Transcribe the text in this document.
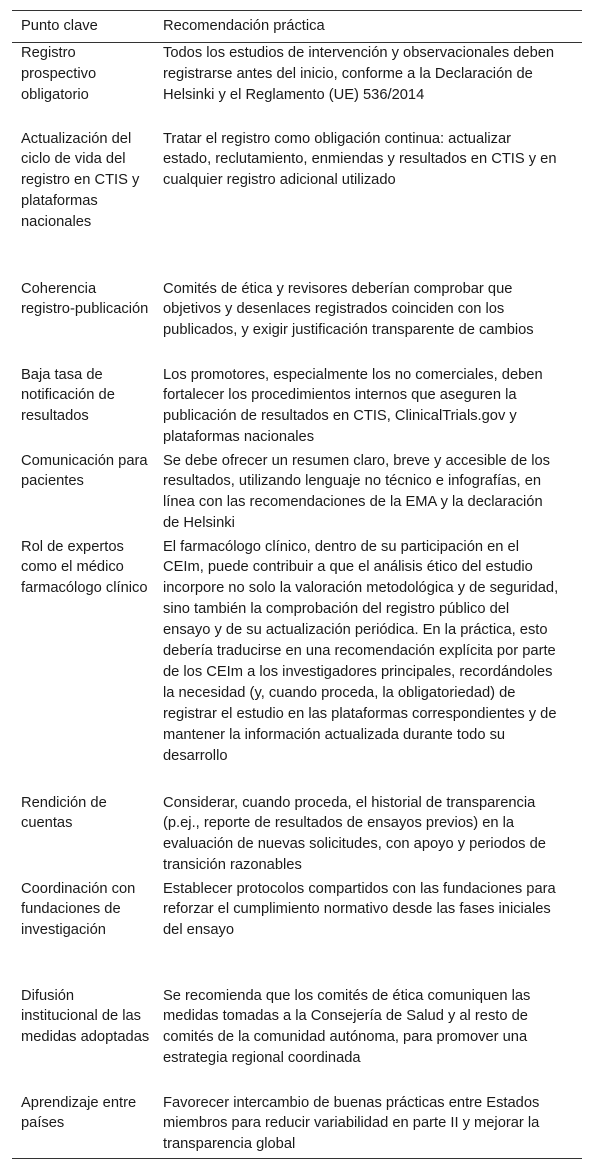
Punto clave	Recomendación práctica
Registro prospectivo obligatorio	Todos los estudios de intervención y observacionales deben registrarse antes del inicio, conforme a la Declaración de Helsinki y el Reglamento (UE) 536/2014
Actualización del ciclo de vida del registro en CTIS y plataformas nacionales	Tratar el registro como obligación continua: actualizar estado, reclutamiento, enmiendas y resultados en CTIS y en cualquier registro adicional utilizado
Coherencia registro-publicación	Comités de ética y revisores deberían comprobar que objetivos y desenlaces registrados coinciden con los publicados, y exigir justificación transparente de cambios
Baja tasa de notificación de resultados	Los promotores, especialmente los no comerciales, deben fortalecer los procedimientos internos que aseguren la publicación de resultados en CTIS, ClinicalTrials.gov y plataformas nacionales
Comunicación para pacientes	Se debe ofrecer un resumen claro, breve y accesible de los resultados, utilizando lenguaje no técnico e infografías, en línea con las recomendaciones de la EMA y la declaración de Helsinki
Rol de expertos como el médico farmacólogo clínico	El farmacólogo clínico, dentro de su participación en el CEIm, puede contribuir a que el análisis ético del estudio incorpore no solo la valoración metodológica y de seguridad, sino también la comprobación del registro público del ensayo y de su actualización periódica. En la práctica, esto debería traducirse en una recomendación explícita por parte de los CEIm a los investigadores principales, recordándoles la necesidad (y, cuando proceda, la obligatoriedad) de registrar el estudio en las plataformas correspondientes y de mantener la información actualizada durante todo su desarrollo
Rendición de cuentas	Considerar, cuando proceda, el historial de transparencia (p.ej., reporte de resultados de ensayos previos) en la evaluación de nuevas solicitudes, con apoyo y periodos de transición razonables
Coordinación con fundaciones de investigación	Establecer protocolos compartidos con las fundaciones para reforzar el cumplimiento normativo desde las fases iniciales del ensayo
Difusión institucional de las medidas adoptadas	Se recomienda que los comités de ética comuniquen las medidas tomadas a la Consejería de Salud y al resto de comités de la comunidad autónoma, para promover una estrategia regional coordinada
Aprendizaje entre países	Favorecer intercambio de buenas prácticas entre Estados miembros para reducir variabilidad en parte II y mejorar la transparencia global
